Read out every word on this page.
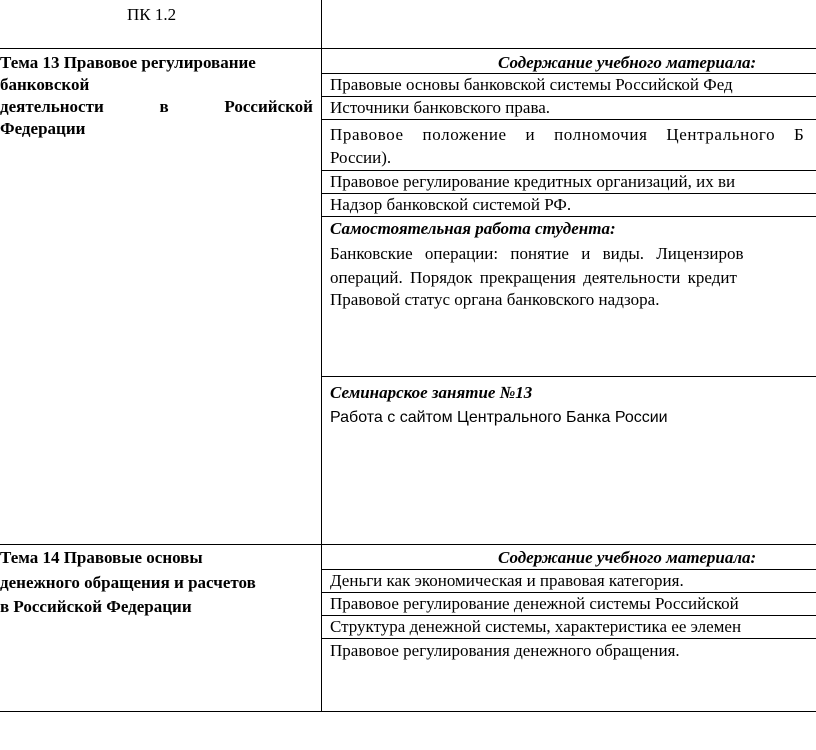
ПК 1.2
Тема 13 Правовое регулирование
банковской
деятельности	в	Российской
Федерации
Содержание учебного материала:
Правовые основы банковской системы Российской Фед
Источники банковского права.
Правовое положение и полномочия Центрального Б
России).
Правовое регулирование кредитных организаций, их ви
Надзор банковской системой РФ.
Самостоятельная работа студента:
Банковские операции: понятие и виды. Лицензиров
операций. Порядок прекращения деятельности кредит
Правовой статус органа банковского надзора.
Семинарское занятие №13
Работа с сайтом Центрального Банка России
Тема 14 Правовые основы
денежного обращения и расчетов
в Российской Федерации
Содержание учебного материала:
Деньги как экономическая и правовая категория.
Правовое регулирование денежной системы Российской
Структура денежной системы, характеристика ее элемен
Правовое регулирования денежного обращения.
